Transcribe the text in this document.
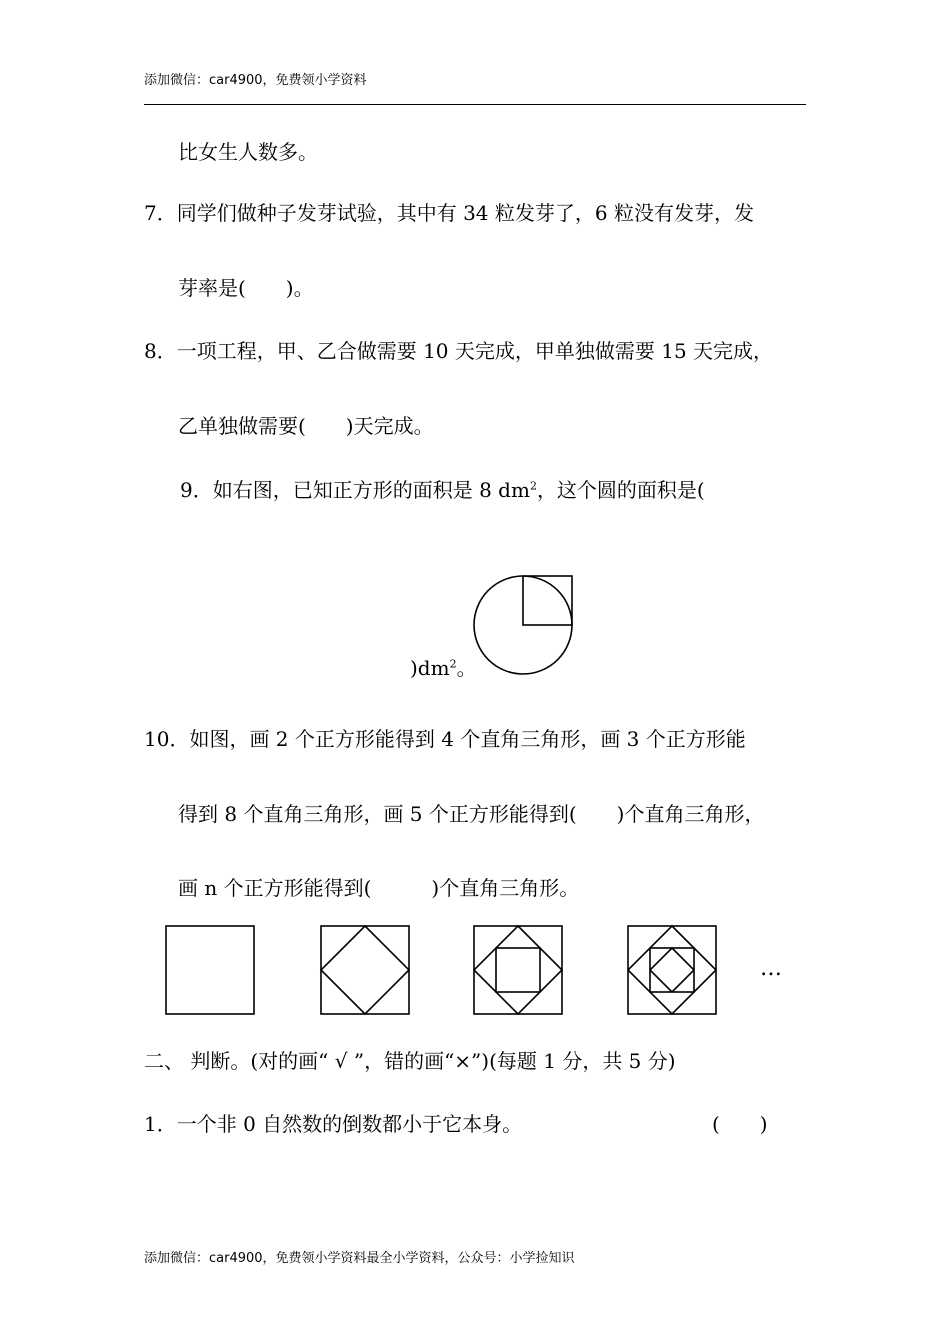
添加微信：car4900，免费领小学资料
比女生人数多。
7．同学们做种子发芽试验，其中有 34 粒发芽了，6 粒没有发芽，发
芽率是(　　)。
8．一项工程，甲、乙合做需要 10 天完成，甲单独做需要 15 天完成，
乙单独做需要(　　)天完成。
9．如右图，已知正方形的面积是 8 $dm^2$，这个圆的面积是(
)$dm^2$。
10．如图，画 2 个正方形能得到 4 个直角三角形，画 3 个正方形能
得到 8 个直角三角形，画 5 个正方形能得到(　　)个直角三角形，
画 n 个正方形能得到(　　　)个直角三角形。
…
二、 判断。(对的画“ √ ”，错的画“×”)(每题 1 分，共 5 分)
1．一个非 0 自然数的倒数都小于它本身。	(　　)
添加微信：car4900，免费领小学资料最全小学资料，公众号：小学捡知识
